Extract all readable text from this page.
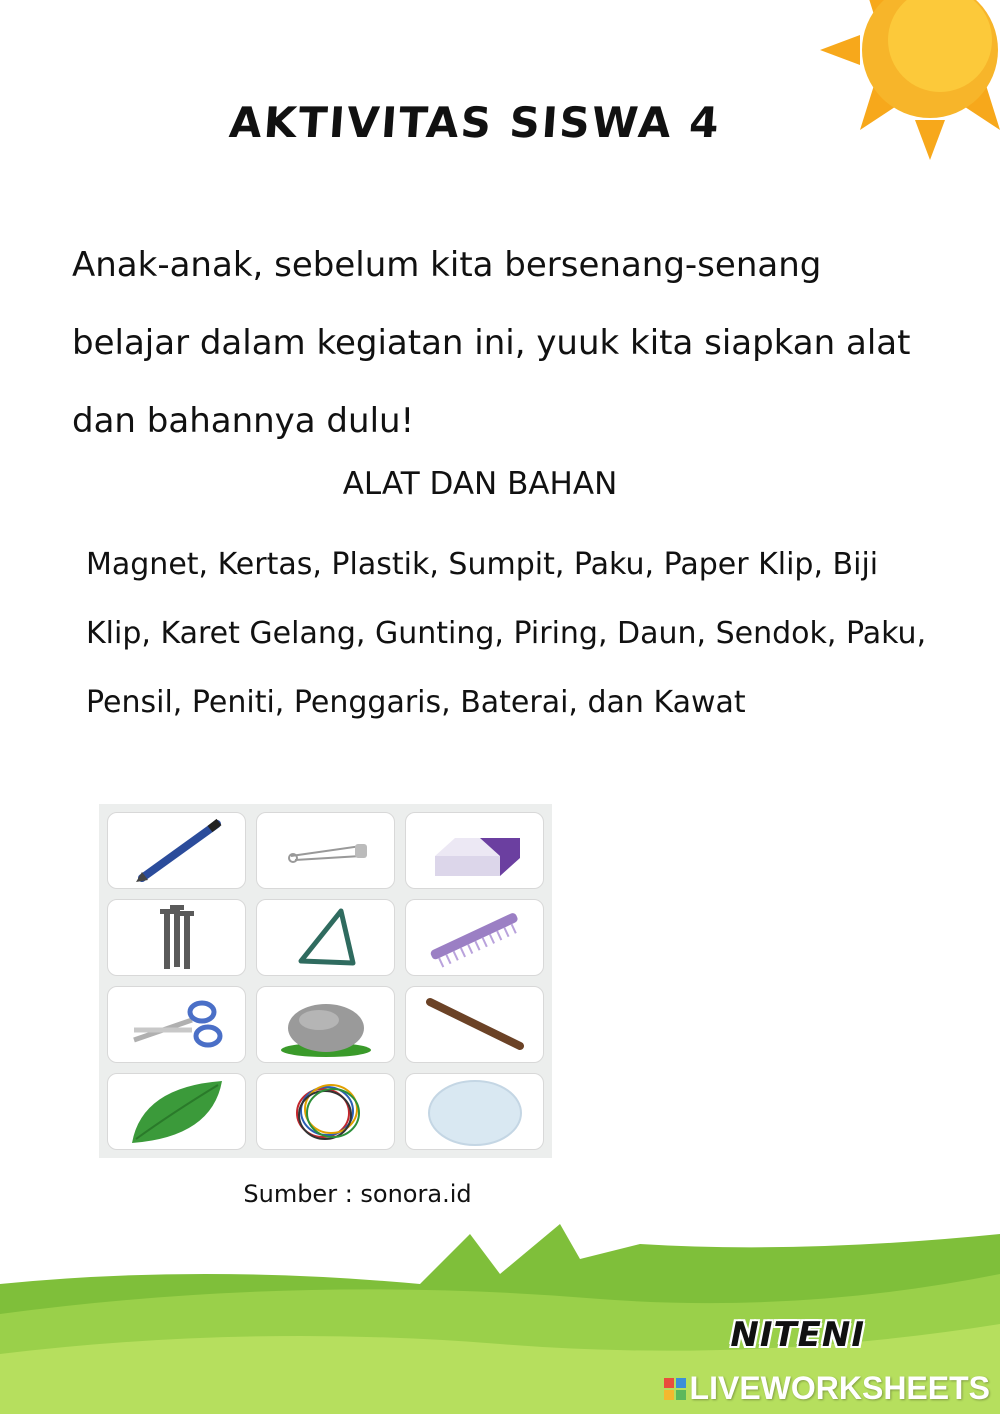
AKTIVITAS SISWA 4

Anak-anak, sebelum kita bersenang-senang belajar dalam kegiatan ini, yuuk kita siapkan alat dan bahannya dulu!

ALAT DAN BAHAN

Magnet, Kertas, Plastik, Sumpit, Paku, Paper Klip, Biji Klip, Karet Gelang, Gunting, Piring, Daun, Sendok, Paku, Pensil, Peniti, Penggaris, Baterai, dan Kawat

Sumber : sonora.id
NITENI
LIVEWORKSHEETS
